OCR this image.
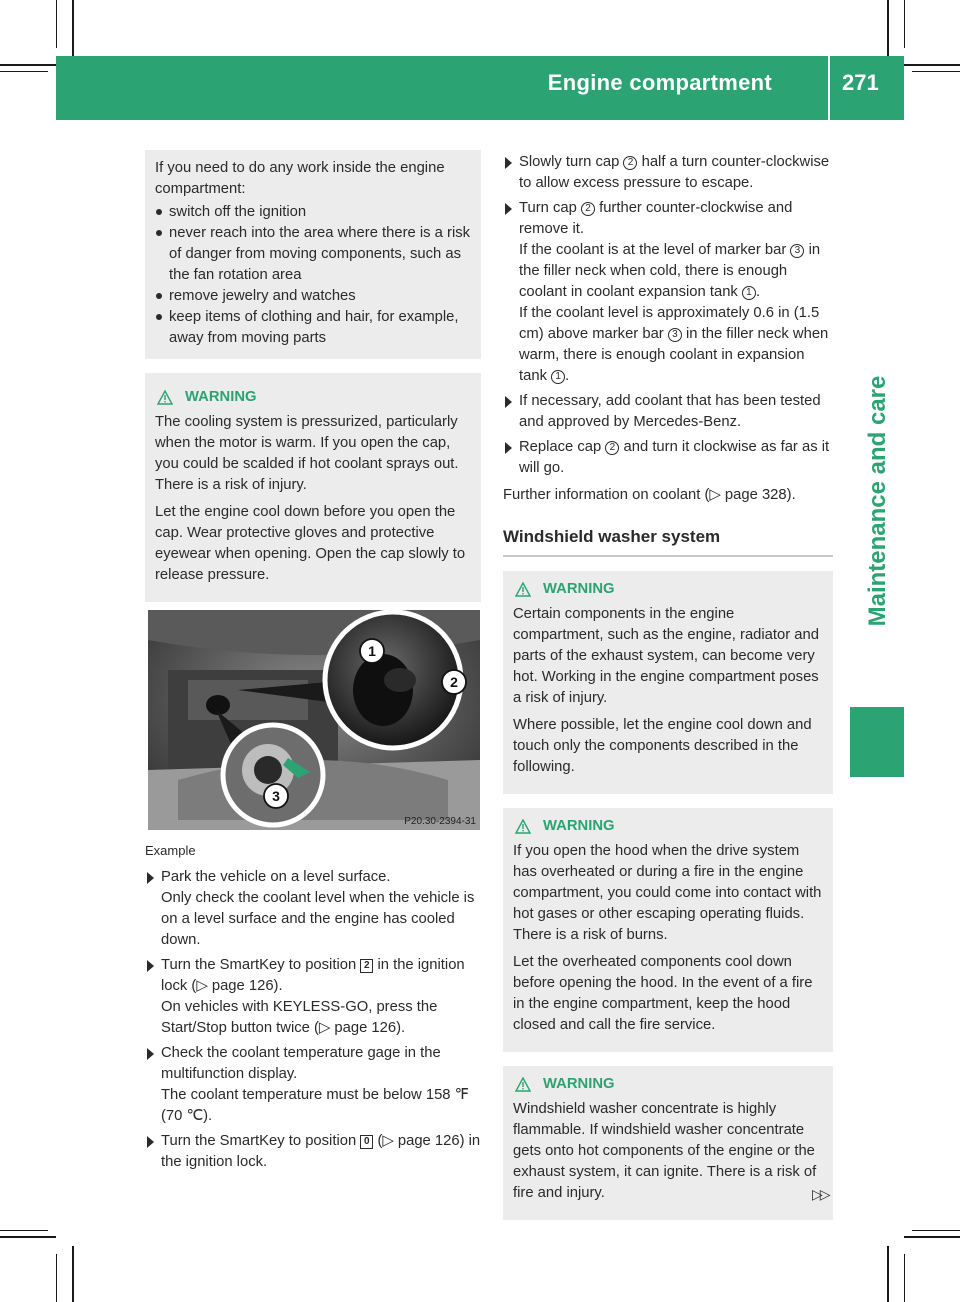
Engine compartment	271
Maintenance and care

If you need to do any work inside the engine compartment:

switch off the ignition
never reach into the area where there is a risk of danger from moving components, such as the fan rotation area
remove jewelry and watches
keep items of clothing and hair, for example, away from moving parts
WARNING

The cooling system is pressurized, particularly when the motor is warm. If you open the cap, you could be scalded if hot coolant sprays out. There is a risk of injury.

Let the engine cool down before you open the cap. Wear protective gloves and protective eyewear when opening. Open the cap slowly to release pressure.

1
2
3
P20.30-2394-31
Example

Park the vehicle on a level surface.

Only check the coolant level when the vehicle is on a level surface and the engine has cooled down.

Turn the SmartKey to position 2 in the ignition lock (▷ page 126).

On vehicles with KEYLESS-GO, press the Start/Stop button twice (▷ page 126).

Check the coolant temperature gage in the multifunction display.

The coolant temperature must be below 158 ℉ (70 ℃).

Turn the SmartKey to position 0 (▷ page 126) in the ignition lock.

Slowly turn cap 2 half a turn counter-clockwise to allow excess pressure to escape.

Turn cap 2 further counter-clockwise and remove it.

If the coolant is at the level of marker bar 3 in the filler neck when cold, there is enough coolant in coolant expansion tank 1 .

If the coolant level is approximately 0.6 in (1.5 cm) above marker bar 3 in the filler neck when warm, there is enough coolant in expansion tank 1 .

If necessary, add coolant that has been tested and approved by Mercedes-Benz.

Replace cap 2 and turn it clockwise as far as it will go.

Further information on coolant (▷ page 328).

Windshield washer system
WARNING

Certain components in the engine compartment, such as the engine, radiator and parts of the exhaust system, can become very hot. Working in the engine compartment poses a risk of injury.

Where possible, let the engine cool down and touch only the components described in the following.

WARNING

If you open the hood when the drive system has overheated or during a fire in the engine compartment, you could come into contact with hot gases or other escaping operating fluids. There is a risk of burns.

Let the overheated components cool down before opening the hood. In the event of a fire in the engine compartment, keep the hood closed and call the fire service.

WARNING

Windshield washer concentrate is highly flammable. If windshield washer concentrate gets onto hot components of the engine or the exhaust system, it can ignite. There is a risk of fire and injury.	▷▷
